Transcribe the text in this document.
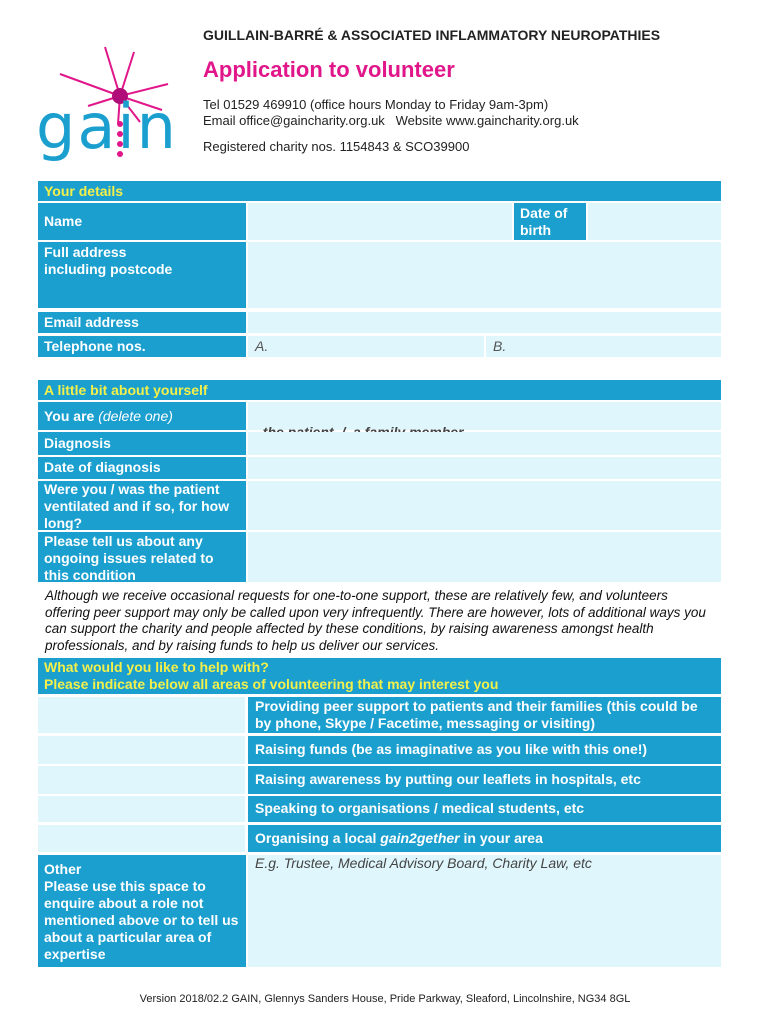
gain
GUILLAIN-BARRÉ & ASSOCIATED INFLAMMATORY NEUROPATHIES
Application to volunteer
Tel 01529 469910 (office hours Monday to Friday 9am-3pm)
Email office@gaincharity.org.uk   Website www.gaincharity.org.uk
Registered charity nos. 1154843 & SCO39900
Your details
Name	Date of birth
Full address including postcode
Email address
Telephone nos.	A.	B.
A little bit about yourself
You are (delete one)

Diagnosis
Date of diagnosis
Were you / was the patient ventilated and if so, for how long?
Please tell us about any ongoing issues related to this condition
Although we receive occasional requests for one-to-one support, these are relatively few, and volunteers offering peer support may only be called upon very infrequently. There are however, lots of additional ways you can support the charity and people affected by these conditions, by raising awareness amongst health professionals, and by raising funds to help us deliver our services.
What would you like to help with?
Please indicate below all areas of volunteering that may interest you
Providing peer support to patients and their families (this could be by phone, Skype / Facetime, messaging or visiting)
Raising funds (be as imaginative as you like with this one!)
Raising awareness by putting our leaflets in hospitals, etc
Speaking to organisations / medical students, etc
Organising a local gain2gether in your area
Other
Please use this space to enquire about a role not mentioned above or to tell us about a particular area of expertise
E.g. Trustee, Medical Advisory Board, Charity Law, etc
Version 2018/02.2 GAIN, Glennys Sanders House, Pride Parkway, Sleaford, Lincolnshire, NG34 8GL
